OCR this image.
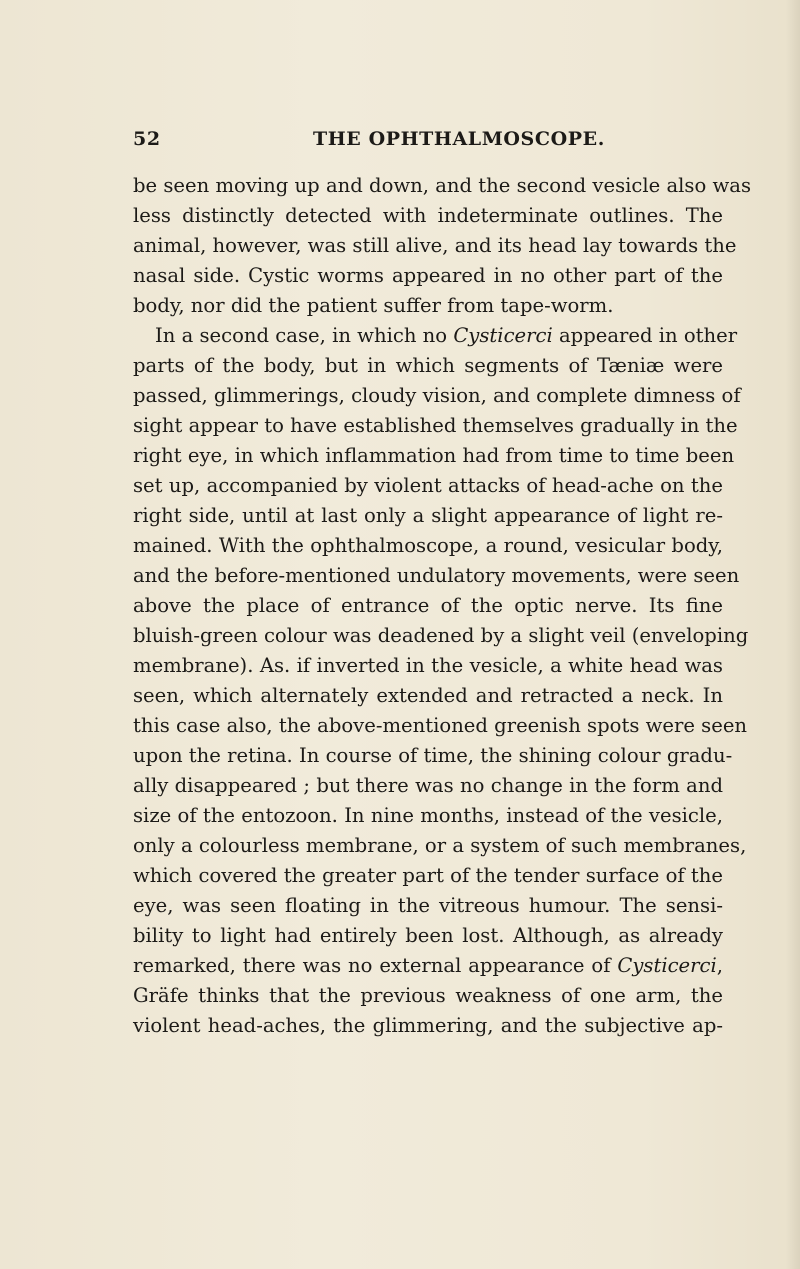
52	THE OPHTHALMOSCOPE.
be seen moving up and down, and the second vesicle also was
less distinctly detected with indeterminate outlines. The
animal, however, was still alive, and its head lay towards the
nasal side. Cystic worms appeared in no other part of the
body, nor did the patient suffer from tape-worm.
In a second case, in which no Cysticerci appeared in other
parts of the body, but in which segments of Tæniæ were
passed, glimmerings, cloudy vision, and complete dimness of
sight appear to have established themselves gradually in the
right eye, in which inflammation had from time to time been
set up, accompanied by violent attacks of head-ache on the
right side, until at last only a slight appearance of light re-
mained. With the ophthalmoscope, a round, vesicular body,
and the before-mentioned undulatory movements, were seen
above the place of entrance of the optic nerve. Its fine
bluish-green colour was deadened by a slight veil (enveloping
membrane). As. if inverted in the vesicle, a white head was
seen, which alternately extended and retracted a neck. In
this case also, the above-mentioned greenish spots were seen
upon the retina. In course of time, the shining colour gradu-
ally disappeared ; but there was no change in the form and
size of the entozoon. In nine months, instead of the vesicle,
only a colourless membrane, or a system of such membranes,
which covered the greater part of the tender surface of the
eye, was seen floating in the vitreous humour. The sensi-
bility to light had entirely been lost. Although, as already
remarked, there was no external appearance of Cysticerci,
Gräfe thinks that the previous weakness of one arm, the
violent head-aches, the glimmering, and the subjective ap-
